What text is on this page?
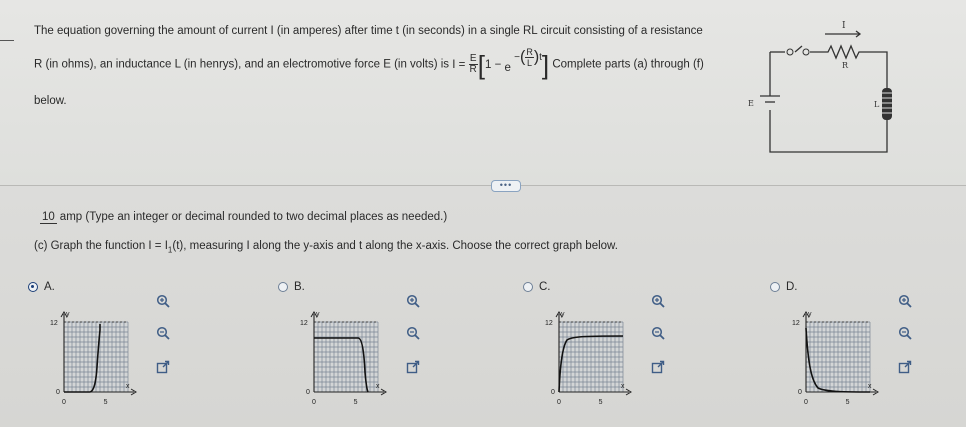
•••
The equation governing the amount of current I (in amperes) after time t (in seconds) in a single RL circuit consisting of a resistance
R (in ohms), an inductance L (in henrys), and an electromotive force E (in volts) is $I = \frac{E}{R} [1 - e$ −( $\frac{R}{L} )t$] Complete parts (a) through (f)
below.
I
R
L
E
10 amp (Type an integer or decimal rounded to two decimal places as needed.)
(c) Graph the function $I = I_1(t)$, measuring I along the y-axis and t along the x-axis. Choose the correct graph below.
A.
y
x
12
0
0	5
B.
y
x
12
0
0	5
C.
y
x
12
0
0	5
D.
y
x
12
0
0	5
